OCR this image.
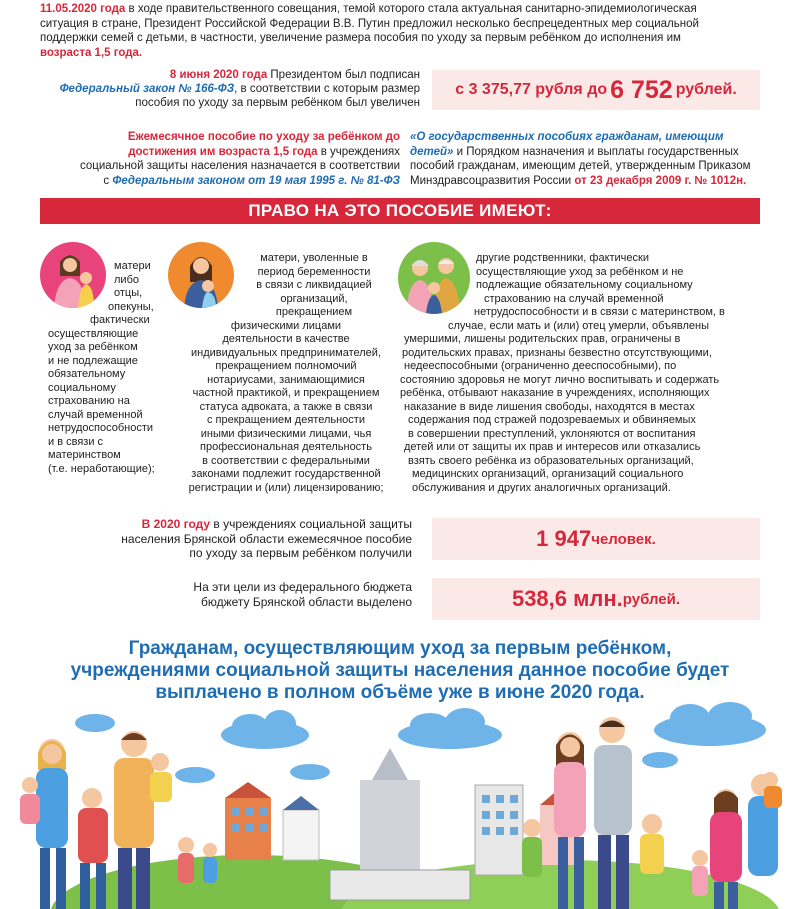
11.05.2020 года в ходе правительственного совещания, темой которого стала актуальная санитарно-эпидемиологическая
ситуация в стране, Президент Российской Федерации В.В. Путин предложил несколько беспрецедентных мер социальной
поддержки семей с детьми, в частности, увеличение размера пособия по уходу за первым ребёнком до исполнения им
возраста 1,5 года.
8 июня 2020 года Президентом был подписан
Федеральный закон № 166-ФЗ, в соответствии с которым размер
пособия по уходу за первым ребёнком был увеличен
с 3 375,77 рубля до 6 752 рублей.
Ежемесячное пособие по уходу за ребёнком до
достижения им возраста 1,5 года в учреждениях
социальной защиты населения назначается в соответствии
с Федеральным законом от 19 мая 1995 г. № 81-ФЗ
«О государственных пособиях гражданам, имеющим
детей» и Порядком назначения и выплаты государственных
пособий гражданам, имеющим детей, утвержденным Приказом
Минздравсоцразвития России от 23 декабря 2009 г. № 1012н.
ПРАВО НА ЭТО ПОСОБИЕ ИМЕЮТ:
матери
либо
отцы,
опекуны,
фактически
осуществляющие
уход за ребёнком
и не подлежащие
обязательному
социальному
страхованию на
случай временной
нетрудоспособности
и в связи с
материнством
(т.е. неработающие);
матери, уволенные в
период беременности
в связи с ликвидацией
организаций,
прекращением
физическими лицами
деятельности в качестве
индивидуальных предпринимателей,
прекращением полномочий
нотариусами, занимающимися
частной практикой, и прекращением
статуса адвоката, а также в связи
с прекращением деятельности
иными физическими лицами, чья
профессиональная деятельность
в соответствии с федеральными
законами подлежит государственной
регистрации и (или) лицензированию;
другие родственники, фактически
осуществляющие уход за ребёнком и не
подлежащие обязательному социальному
страхованию на случай временной
нетрудоспособности и в связи с материнством, в
случае, если мать и (или) отец умерли, объявлены
умершими, лишены родительских прав, ограничены в
родительских правах, признаны безвестно отсутствующими,
недееспособными (ограниченно дееспособными), по
состоянию здоровья не могут лично воспитывать и содержать
ребёнка, отбывают наказание в учреждениях, исполняющих
наказание в виде лишения свободы, находятся в местах
содержания под стражей подозреваемых и обвиняемых
в совершении преступлений, уклоняются от воспитания
детей или от защиты их прав и интересов или отказались
взять своего ребёнка из образовательных организаций,
медицинских организаций, организаций социального
обслуживания и других аналогичных организаций.
В 2020 году в учреждениях социальной защиты
населения Брянской области ежемесячное пособие
по уходу за первым ребёнком получили
1 947 человек.
На эти цели из федерального бюджета
бюджету Брянской области выделено	538,6 млн. рублей.
Гражданам, осуществляющим уход за первым ребёнком,
учреждениями социальной защиты населения данное пособие будет
выплачено в полном объёме уже в июне 2020 года.
